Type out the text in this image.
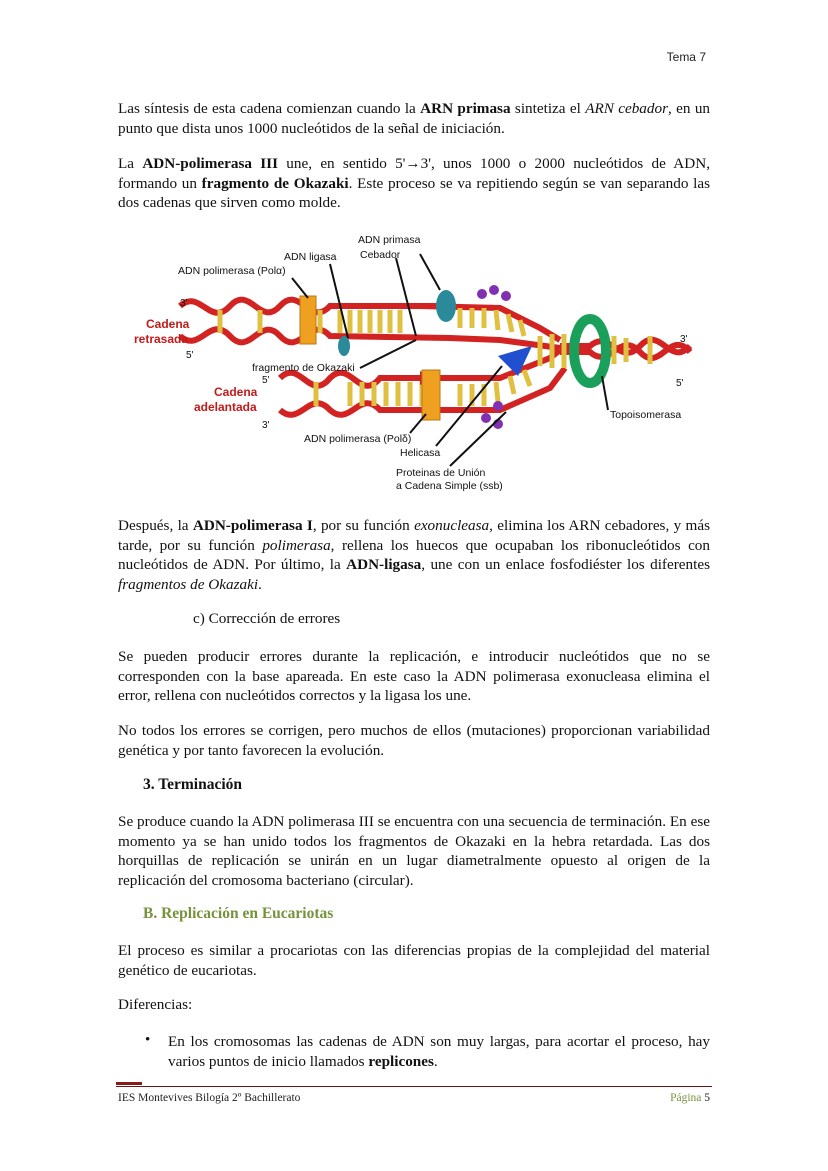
Tema 7

Las síntesis de esta cadena comienzan cuando la ARN primasa sintetiza el ARN cebador, en un punto que dista unos 1000 nucleótidos de la señal de iniciación.

La ADN-polimerasa III une, en sentido 5'→3', unos 1000 o 2000 nucleótidos de ADN, formando un fragmento de Okazaki. Este proceso se va repitiendo según se van separando las dos cadenas que sirven como molde.

ADN primasa
Cebador
ADN ligasa
ADN polimerasa (Polα)
3'
Cadena
retrasada
5'
fragmento de Okazaki
5'
Cadena
adelantada
3'
ADN polimerasa (Polδ)
Helicasa
Proteinas de Unión
a Cadena Simple (ssb)
3'
5'
Topoisomerasa

Después, la ADN-polimerasa I, por su función exonucleasa, elimina los ARN cebadores, y más tarde, por su función polimerasa, rellena los huecos que ocupaban los ribonucleótidos con nucleótidos de ADN. Por último, la ADN-ligasa, une con un enlace fosfodiéster los diferentes fragmentos de Okazaki.

c) Corrección de errores

Se pueden producir errores durante la replicación, e introducir nucleótidos que no se corresponden con la base apareada. En este caso la ADN polimerasa exonucleasa elimina el error, rellena con nucleótidos correctos y la ligasa los une.

No todos los errores se corrigen, pero muchos de ellos (mutaciones) proporcionan variabilidad genética y por tanto favorecen la evolución.

3. Terminación

Se produce cuando la ADN polimerasa III se encuentra con una secuencia de terminación. En ese momento ya se han unido todos los fragmentos de Okazaki en la hebra retardada. Las dos horquillas de replicación se unirán en un lugar diametralmente opuesto al origen de la replicación del cromosoma bacteriano (circular).

B. Replicación en Eucariotas

El proceso es similar a procariotas con las diferencias propias de la complejidad del material genético de eucariotas.

Diferencias:

• En los cromosomas las cadenas de ADN son muy largas, para acortar el proceso, hay varios puntos de inicio llamados replicones.
IES Montevives Bilogía 2º Bachillerato	Página 5
